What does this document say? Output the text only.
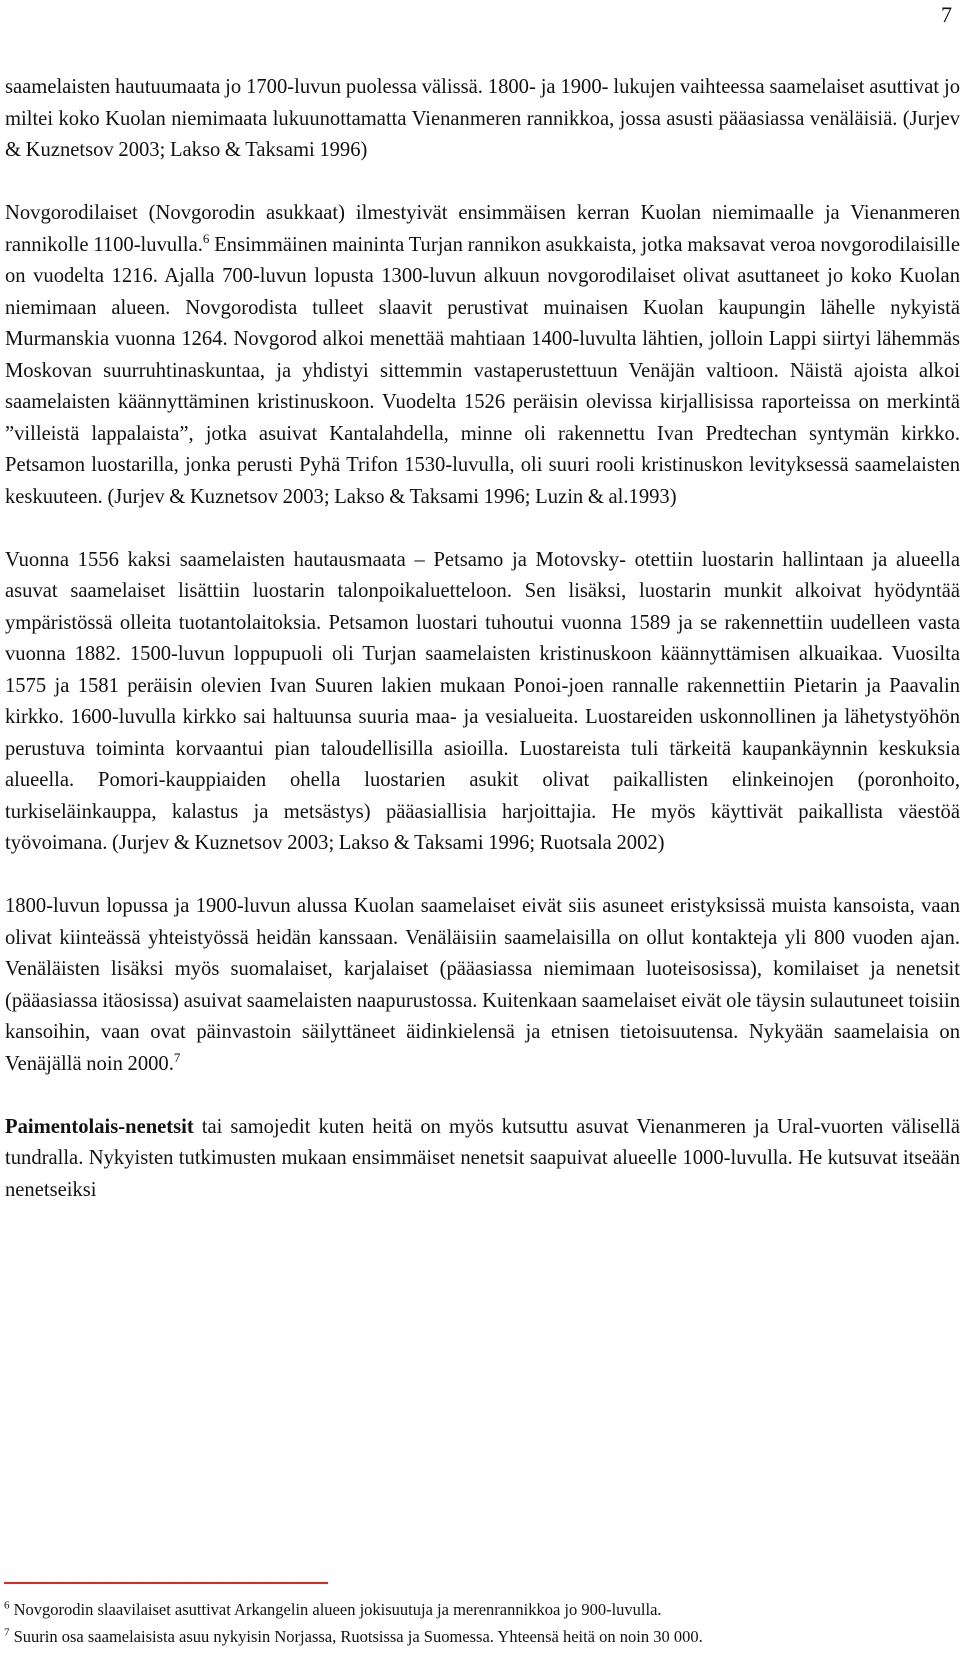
7

saamelaisten hautuumaata jo 1700-luvun puolessa välissä. 1800- ja 1900- lukujen vaihteessa saamelaiset asuttivat jo miltei koko Kuolan niemimaata lukuunottamatta Vienanmeren rannikkoa, jossa asusti pääasiassa venäläisiä. (Jurjev & Kuznetsov 2003; Lakso & Taksami 1996)

Novgorodilaiset (Novgorodin asukkaat) ilmestyivät ensimmäisen kerran Kuolan niemimaalle ja Vienanmeren rannikolle 1100-luvulla.$^6$ Ensimmäinen maininta Turjan rannikon asukkaista, jotka maksavat veroa novgorodilaisille on vuodelta 1216. Ajalla 700-luvun lopusta 1300-luvun alkuun novgorodilaiset olivat asuttaneet jo koko Kuolan niemimaan alueen. Novgorodista tulleet slaavit perustivat muinaisen Kuolan kaupungin lähelle nykyistä Murmanskia vuonna 1264. Novgorod alkoi menettää mahtiaan 1400-luvulta lähtien, jolloin Lappi siirtyi lähemmäs Moskovan suurruhtinaskuntaa, ja yhdistyi sittemmin vastaperustettuun Venäjän valtioon. Näistä ajoista alkoi saamelaisten käännyttäminen kristinuskoon. Vuodelta 1526 peräisin olevissa kirjallisissa raporteissa on merkintä ”villeistä lappalaista”, jotka asuivat Kantalahdella, minne oli rakennettu Ivan Predtechan syntymän kirkko. Petsamon luostarilla, jonka perusti Pyhä Trifon 1530-luvulla, oli suuri rooli kristinuskon levityksessä saamelaisten keskuuteen. (Jurjev & Kuznetsov 2003; Lakso & Taksami 1996; Luzin & al.1993)

Vuonna 1556 kaksi saamelaisten hautausmaata – Petsamo ja Motovsky- otettiin luostarin hallintaan ja alueella asuvat saamelaiset lisättiin luostarin talonpoikaluetteloon. Sen lisäksi, luostarin munkit alkoivat hyödyntää ympäristössä olleita tuotantolaitoksia. Petsamon luostari tuhoutui vuonna 1589 ja se rakennettiin uudelleen vasta vuonna 1882. 1500-luvun loppupuoli oli Turjan saamelaisten kristinuskoon käännyttämisen alkuaikaa. Vuosilta 1575 ja 1581 peräisin olevien Ivan Suuren lakien mukaan Ponoi-joen rannalle rakennettiin Pietarin ja Paavalin kirkko. 1600-luvulla kirkko sai haltuunsa suuria maa- ja vesialueita. Luostareiden uskonnollinen ja lähetystyöhön perustuva toiminta korvaantui pian taloudellisilla asioilla. Luostareista tuli tärkeitä kaupankäynnin keskuksia alueella. Pomori-kauppiaiden ohella luostarien asukit olivat paikallisten elinkeinojen (poronhoito, turkiseläinkauppa, kalastus ja metsästys) pääasiallisia harjoittajia. He myös käyttivät paikallista väestöä työvoimana. (Jurjev & Kuznetsov 2003; Lakso & Taksami 1996; Ruotsala 2002)

1800-luvun lopussa ja 1900-luvun alussa Kuolan saamelaiset eivät siis asuneet eristyksissä muista kansoista, vaan olivat kiinteässä yhteistyössä heidän kanssaan. Venäläisiin saamelaisilla on ollut kontakteja yli 800 vuoden ajan. Venäläisten lisäksi myös suomalaiset, karjalaiset (pääasiassa niemimaan luoteisosissa), komilaiset ja nenetsit (pääasiassa itäosissa) asuivat saamelaisten naapurustossa. Kuitenkaan saamelaiset eivät ole täysin sulautuneet toisiin kansoihin, vaan ovat päinvastoin säilyttäneet äidinkielensä ja etnisen tietoisuutensa. Nykyään saamelaisia on Venäjällä noin 2000.$^7$

Paimentolais-nenetsit tai samojedit kuten heitä on myös kutsuttu asuvat Vienanmeren ja Ural-vuorten välisellä tundralla. Nykyisten tutkimusten mukaan ensimmäiset nenetsit saapuivat alueelle 1000-luvulla. He kutsuvat itseään nenetseiksi

$^6$ Novgorodin slaavilaiset asuttivat Arkangelin alueen jokisuutuja ja merenrannikkoa jo 900-luvulla.

$^7$ Suurin osa saamelaisista asuu nykyisin Norjassa, Ruotsissa ja Suomessa. Yhteensä heitä on noin 30 000.
